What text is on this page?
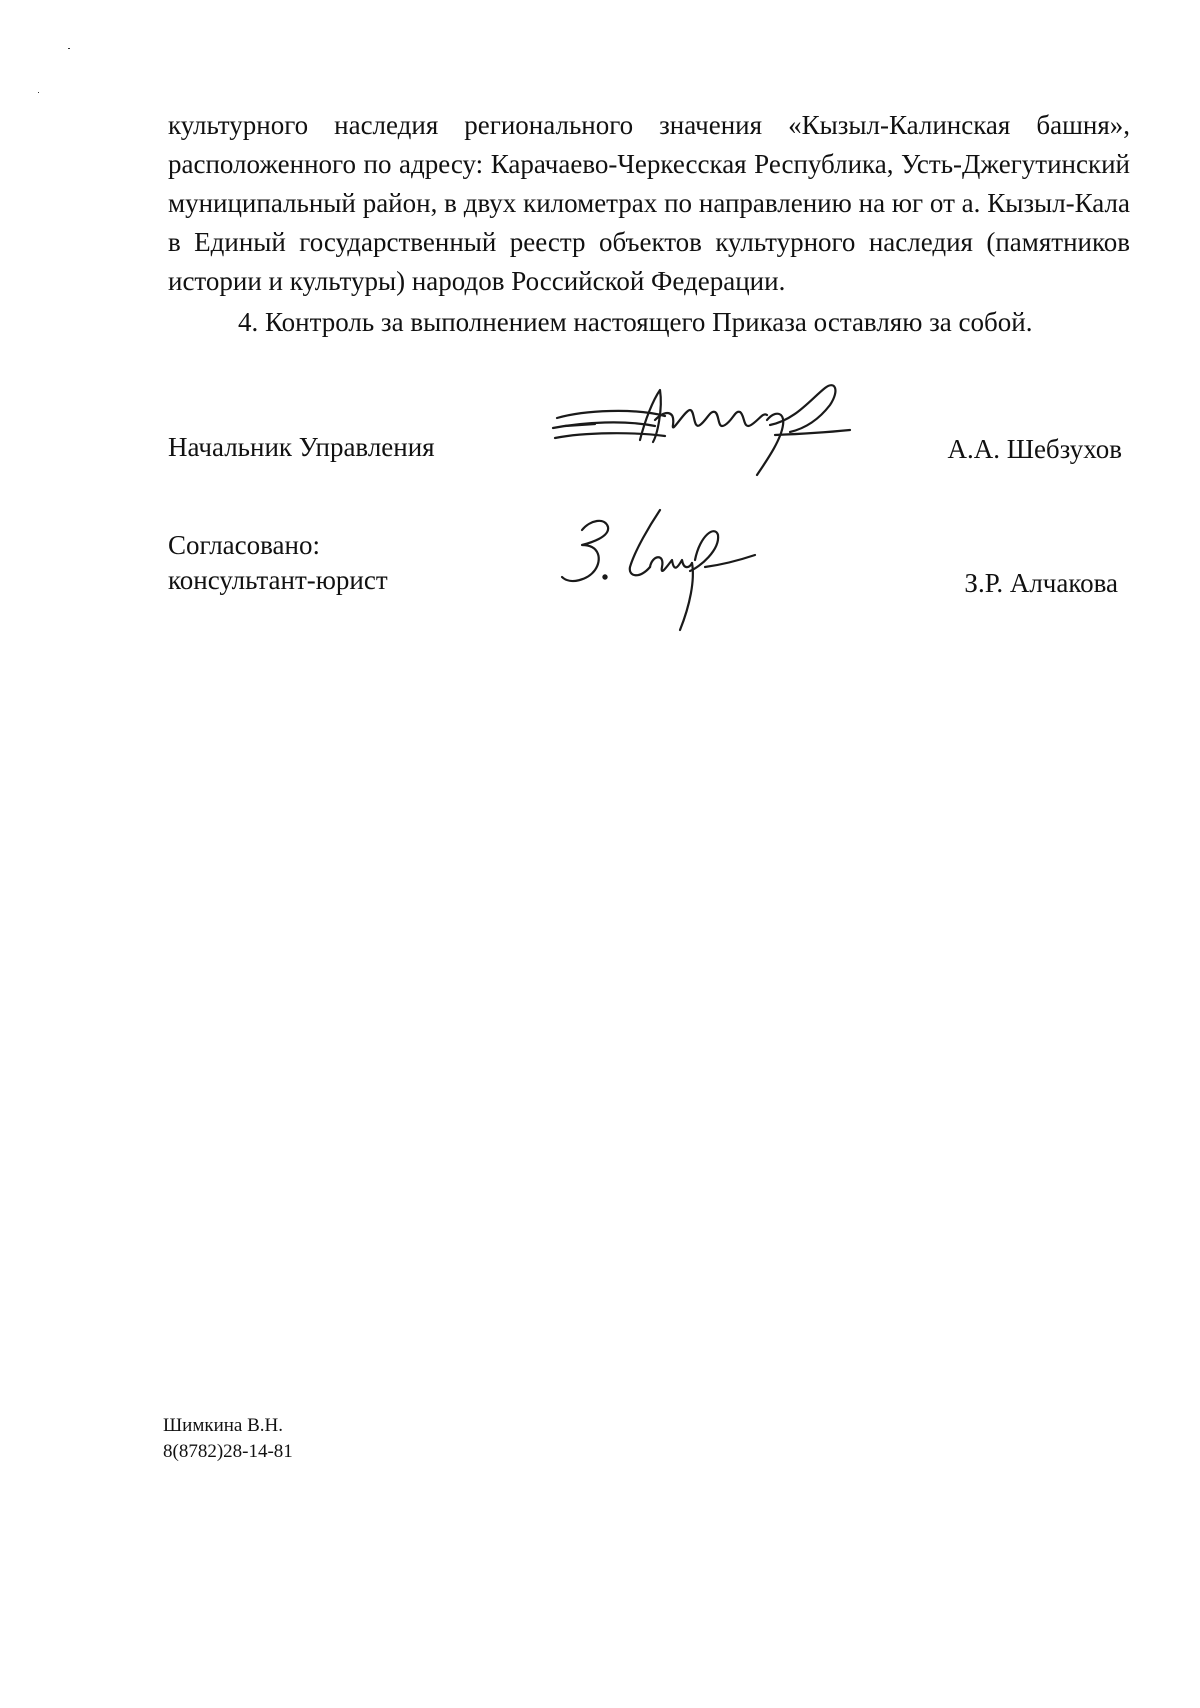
культурного наследия регионального значения «Кызыл-Калинская башня», расположенного по адресу: Карачаево-Черкесская Республика, Усть-Джегутинский муниципальный район, в двух километрах по направлению на юг от а. Кызыл-Кала в Единый государственный реестр объектов культурного наследия (памятников истории и культуры) народов Российской Федерации.

4. Контроль за выполнением настоящего Приказа оставляю за собой.

Начальник Управления	А.А. Шебзухов
Согласовано:
консультант-юрист	З.Р. Алчакова
Шимкина В.Н.
8(8782)28-14-81
